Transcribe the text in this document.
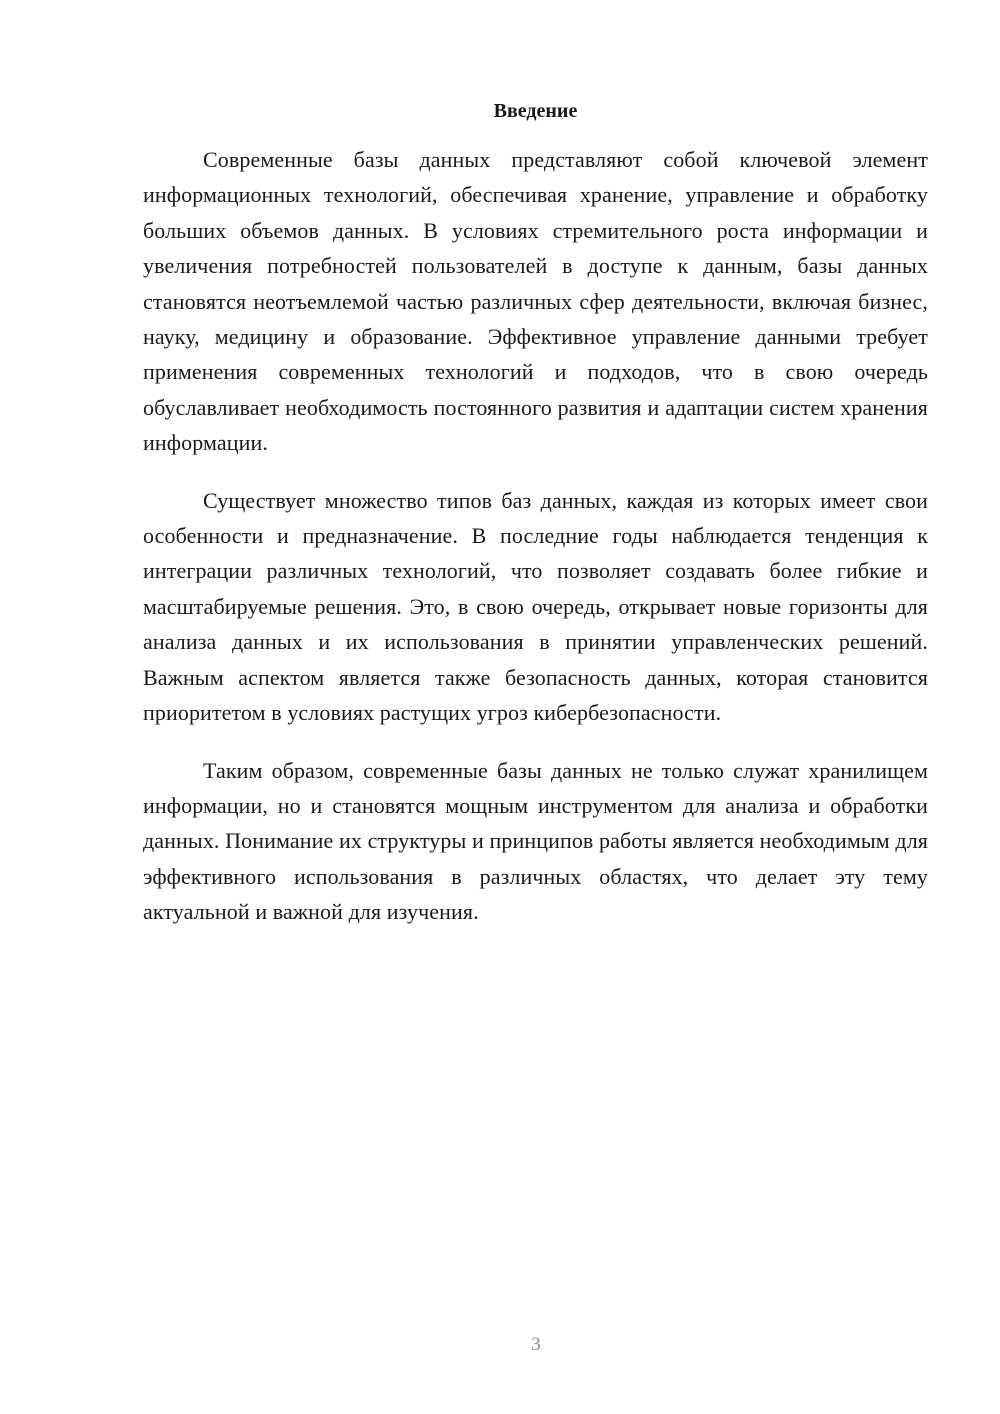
Введение

Современные базы данных представляют собой ключевой элемент информационных технологий, обеспечивая хранение, управление и обработку больших объемов данных. В условиях стремительного роста информации и увеличения потребностей пользователей в доступе к данным, базы данных становятся неотъемлемой частью различных сфер деятельности, включая бизнес, науку, медицину и образование. Эффективное управление данными требует применения современных технологий и подходов, что в свою очередь обуславливает необходимость постоянного развития и адаптации систем хранения информации.

Существует множество типов баз данных, каждая из которых имеет свои особенности и предназначение. В последние годы наблюдается тенденция к интеграции различных технологий, что позволяет создавать более гибкие и масштабируемые решения. Это, в свою очередь, открывает новые горизонты для анализа данных и их использования в принятии управленческих решений. Важным аспектом является также безопасность данных, которая становится приоритетом в условиях растущих угроз кибербезопасности.

Таким образом, современные базы данных не только служат хранилищем информации, но и становятся мощным инструментом для анализа и обработки данных. Понимание их структуры и принципов работы является необходимым для эффективного использования в различных областях, что делает эту тему актуальной и важной для изучения.

3
